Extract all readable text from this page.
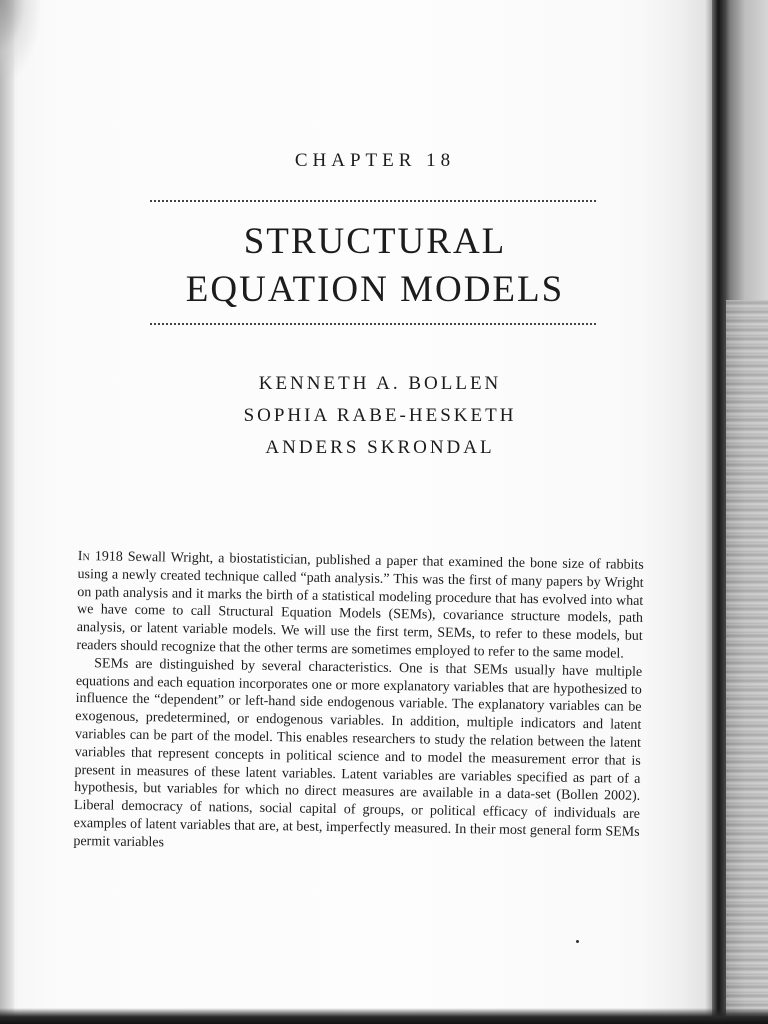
CHAPTER 18
STRUCTURAL
EQUATION MODELS
KENNETH A. BOLLEN
SOPHIA RABE-HESKETH
ANDERS SKRONDAL

In 1918 Sewall Wright, a biostatistician, published a paper that examined the bone size of rabbits using a newly created technique called “path analysis.” This was the first of many papers by Wright on path analysis and it marks the birth of a statistical modeling procedure that has evolved into what we have come to call Structural Equation Models (SEMs), covariance structure models, path analysis, or latent variable models. We will use the first term, SEMs, to refer to these models, but readers should recognize that the other terms are sometimes employed to refer to the same model.

SEMs are distinguished by several characteristics. One is that SEMs usually have multiple equations and each equation incorporates one or more explanatory variables that are hypothesized to influence the “dependent” or left-hand side endogenous variable. The explanatory variables can be exogenous, predetermined, or endogenous variables. In addition, multiple indicators and latent variables can be part of the model. This enables researchers to study the relation between the latent variables that represent concepts in political science and to model the measurement error that is present in measures of these latent variables. Latent variables are variables specified as part of a hypothesis, but variables for which no direct measures are available in a data-set (Bollen 2002). Liberal democracy of nations, social capital of groups, or political efficacy of individuals are examples of latent variables that are, at best, imperfectly measured. In their most general form SEMs permit variables
